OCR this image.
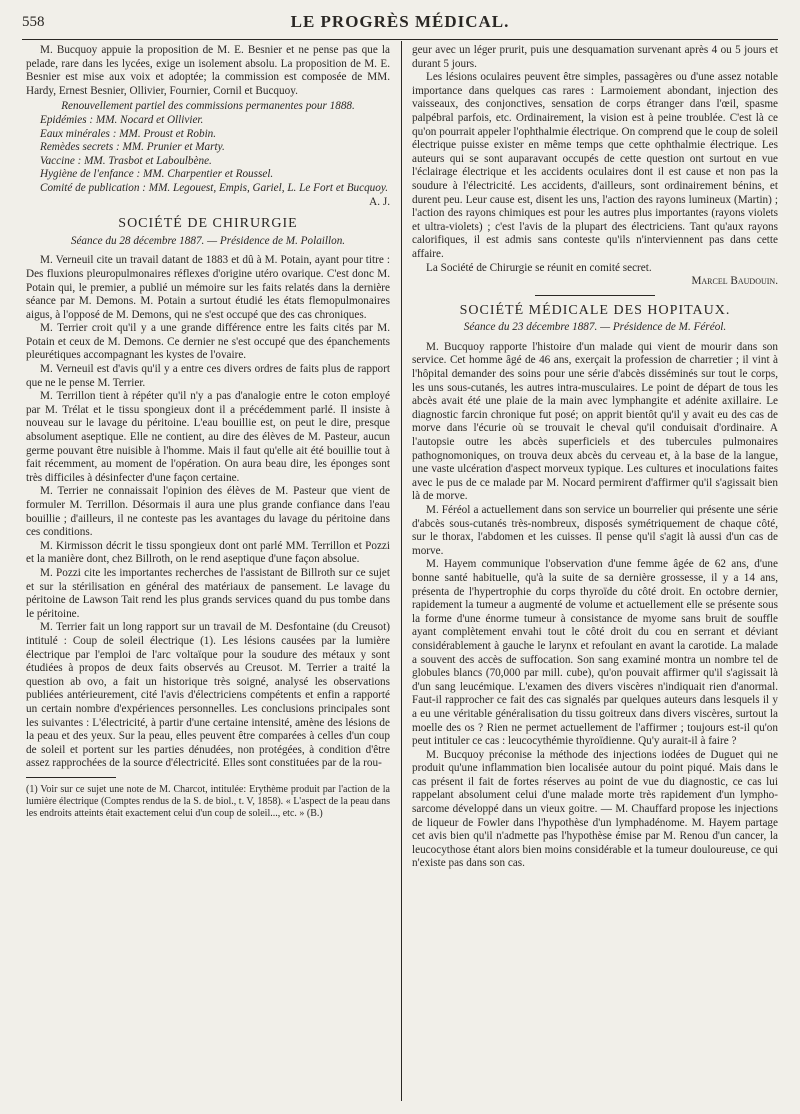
558	LE PROGRÈS MÉDICAL.

M. Bucquoy appuie la proposition de M. E. Besnier et ne pense pas que la pelade, rare dans les lycées, exige un isolement absolu. La proposition de M. E. Besnier est mise aux voix et adoptée; la commission est composée de MM. Hardy, Ernest Besnier, Ollivier, Fournier, Cornil et Bucquoy.

Renouvellement partiel des commissions permanentes pour 1888.

Epidémies : MM. Nocard et Ollivier.

Eaux minérales : MM. Proust et Robin.

Remèdes secrets : MM. Prunier et Marty.

Vaccine : MM. Trasbot et Laboulbène.

Hygiène de l'enfance : MM. Charpentier et Roussel.

Comité de publication : MM. Legouest, Empis, Gariel, L. Le Fort et Bucquoy.

A. J.
SOCIÉTÉ DE CHIRURGIE
Séance du 28 décembre 1887. — Présidence de M. Polaillon.

M. Verneuil cite un travail datant de 1883 et dû à M. Potain, ayant pour titre : Des fluxions pleuropulmonaires réflexes d'origine utéro ovarique. C'est donc M. Potain qui, le premier, a publié un mémoire sur les faits relatés dans la dernière séance par M. Demons. M. Potain a surtout étudié les états flemopulmonaires aigus, à l'opposé de M. Demons, qui ne s'est occupé que des cas chroniques.

M. Terrier croit qu'il y a une grande différence entre les faits cités par M. Potain et ceux de M. Demons. Ce dernier ne s'est occupé que des épanchements pleurétiques accompagnant les kystes de l'ovaire.

M. Verneuil est d'avis qu'il y a entre ces divers ordres de faits plus de rapport que ne le pense M. Terrier.

M. Terrillon tient à répéter qu'il n'y a pas d'analogie entre le coton employé par M. Trélat et le tissu spongieux dont il a précédemment parlé. Il insiste à nouveau sur le lavage du péritoine. L'eau bouillie est, on peut le dire, presque absolument aseptique. Elle ne contient, au dire des élèves de M. Pasteur, aucun germe pouvant être nuisible à l'homme. Mais il faut qu'elle ait été bouillie tout à fait récemment, au moment de l'opération. On aura beau dire, les éponges sont très difficiles à désinfecter d'une façon certaine.

M. Terrier ne connaissait l'opinion des élèves de M. Pasteur que vient de formuler M. Terrillon. Désormais il aura une plus grande confiance dans l'eau bouillie ; d'ailleurs, il ne conteste pas les avantages du lavage du péritoine dans ces conditions.

M. Kirmisson décrit le tissu spongieux dont ont parlé MM. Terrillon et Pozzi et la manière dont, chez Billroth, on le rend aseptique d'une façon absolue.

M. Pozzi cite les importantes recherches de l'assistant de Billroth sur ce sujet et sur la stérilisation en général des matériaux de pansement. Le lavage du péritoine de Lawson Tait rend les plus grands services quand du pus tombe dans le péritoine.

M. Terrier fait un long rapport sur un travail de M. Desfontaine (du Creusot) intitulé : Coup de soleil électrique (1). Les lésions causées par la lumière électrique par l'emploi de l'arc voltaïque pour la soudure des métaux y sont étudiées à propos de deux faits observés au Creusot. M. Terrier a traité la question ab ovo, a fait un historique très soigné, analysé les observations publiées antérieurement, cité l'avis d'électriciens compétents et enfin a rapporté un certain nombre d'expériences personnelles. Les conclusions principales sont les suivantes : L'électricité, à partir d'une certaine intensité, amène des lésions de la peau et des yeux. Sur la peau, elles peuvent être comparées à celles d'un coup de soleil et portent sur les parties dénudées, non protégées, à condition d'être assez rapprochées de la source d'électricité. Elles sont constituées par de la rou-

(1) Voir sur ce sujet une note de M. Charcot, intitulée: Erythème produit par l'action de la lumière électrique (Comptes rendus de la S. de biol., t. V, 1858). « L'aspect de la peau dans les endroits atteints était exactement celui d'un coup de soleil..., etc. » (B.)

geur avec un léger prurit, puis une desquamation survenant après 4 ou 5 jours et durant 5 jours.

Les lésions oculaires peuvent être simples, passagères ou d'une assez notable importance dans quelques cas rares : Larmoiement abondant, injection des vaisseaux, des conjonctives, sensation de corps étranger dans l'œil, spasme palpébral parfois, etc. Ordinairement, la vision est à peine troublée. C'est là ce qu'on pourrait appeler l'ophthalmie électrique. On comprend que le coup de soleil électrique puisse exister en même temps que cette ophthalmie électrique. Les auteurs qui se sont auparavant occupés de cette question ont surtout en vue l'éclairage électrique et les accidents oculaires dont il est cause et non pas la soudure à l'électricité. Les accidents, d'ailleurs, sont ordinairement bénins, et durent peu. Leur cause est, disent les uns, l'action des rayons lumineux (Martin) ; l'action des rayons chimiques est pour les autres plus importantes (rayons violets et ultra-violets) ; c'est l'avis de la plupart des électriciens. Tant qu'aux rayons calorifiques, il est admis sans conteste qu'ils n'interviennent pas dans cette affaire.

La Société de Chirurgie se réunit en comité secret.

Marcel Baudouin.
SOCIÉTÉ MÉDICALE DES HOPITAUX.
Séance du 23 décembre 1887. — Présidence de M. Féréol.

M. Bucquoy rapporte l'histoire d'un malade qui vient de mourir dans son service. Cet homme âgé de 46 ans, exerçait la profession de charretier ; il vint à l'hôpital demander des soins pour une série d'abcès disséminés sur tout le corps, les uns sous-cutanés, les autres intra-musculaires. Le point de départ de tous les abcès avait été une plaie de la main avec lymphangite et adénite axillaire. Le diagnostic farcin chronique fut posé; on apprit bientôt qu'il y avait eu des cas de morve dans l'écurie où se trouvait le cheval qu'il conduisait d'ordinaire. A l'autopsie outre les abcès superficiels et des tubercules pulmonaires pathognomoniques, on trouva deux abcès du cerveau et, à la base de la langue, une vaste ulcération d'aspect morveux typique. Les cultures et inoculations faites avec le pus de ce malade par M. Nocard permirent d'affirmer qu'il s'agissait bien là de morve.

M. Féréol a actuellement dans son service un bourrelier qui présente une série d'abcès sous-cutanés très-nombreux, disposés symétriquement de chaque côté, sur le thorax, l'abdomen et les cuisses. Il pense qu'il s'agit là aussi d'un cas de morve.

M. Hayem communique l'observation d'une femme âgée de 62 ans, d'une bonne santé habituelle, qu'à la suite de sa dernière grossesse, il y a 14 ans, présenta de l'hypertrophie du corps thyroïde du côté droit. En octobre dernier, rapidement la tumeur a augmenté de volume et actuellement elle se présente sous la forme d'une énorme tumeur à consistance de myome sans bruit de souffle ayant complètement envahi tout le côté droit du cou en serrant et déviant considérablement à gauche le larynx et refoulant en avant la carotide. La malade a souvent des accès de suffocation. Son sang examiné montra un nombre tel de globules blancs (70,000 par mill. cube), qu'on pouvait affirmer qu'il s'agissait là d'un sang leucémique. L'examen des divers viscères n'indiquait rien d'anormal. Faut-il rapprocher ce fait des cas signalés par quelques auteurs dans lesquels il y a eu une véritable généralisation du tissu goitreux dans divers viscères, surtout la moelle des os ? Rien ne permet actuellement de l'affirmer ; toujours est-il qu'on peut intituler ce cas : leucocythémie thyroïdienne. Qu'y aurait-il à faire ?

M. Bucquoy préconise la méthode des injections iodées de Duguet qui ne produit qu'une inflammation bien localisée autour du point piqué. Mais dans le cas présent il fait de fortes réserves au point de vue du diagnostic, ce cas lui rappelant absolument celui d'une malade morte très rapidement d'un lympho-sarcome développé dans un vieux goitre. — M. Chauffard propose les injections de liqueur de Fowler dans l'hypothèse d'un lymphadénome. M. Hayem partage cet avis bien qu'il n'admette pas l'hypothèse émise par M. Renou d'un cancer, la leucocythose étant alors bien moins considérable et la tumeur douloureuse, ce qui n'existe pas dans son cas.
